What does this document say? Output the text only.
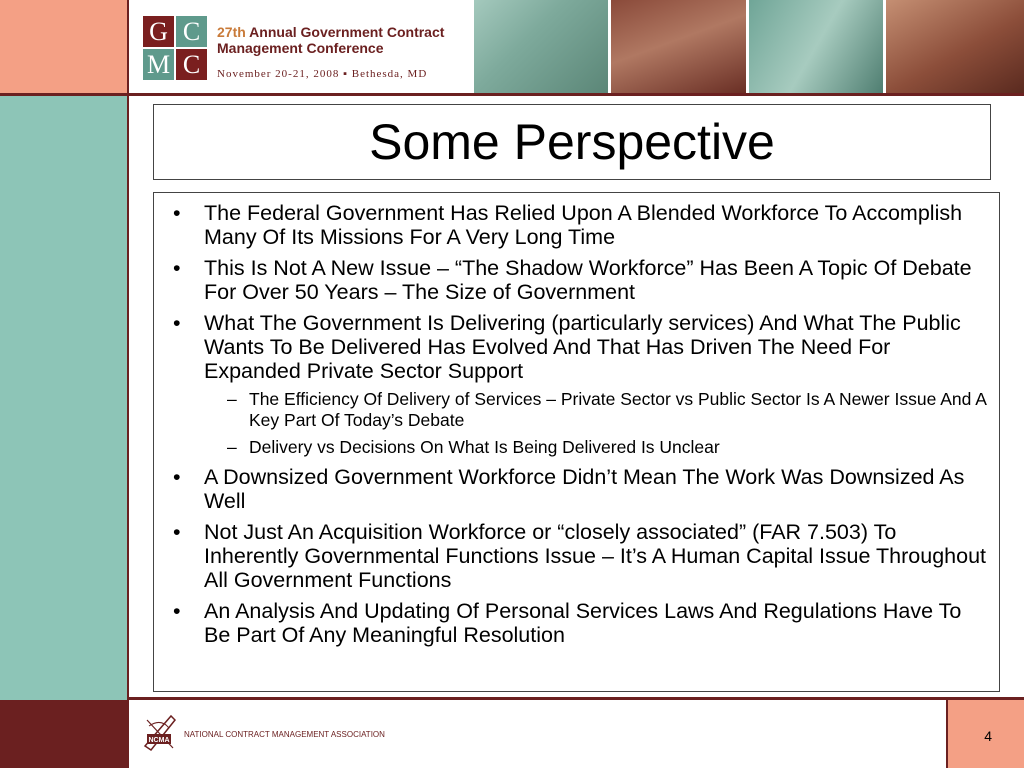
G C
M C
27th Annual Government Contract Management Conference
November 20-21, 2008 ▪ Bethesda, MD
Some Perspective
• The Federal Government Has Relied Upon A Blended Workforce To Accomplish Many Of Its Missions For A Very Long Time
• This Is Not A New Issue – “The Shadow Workforce” Has Been A Topic Of Debate For Over 50 Years – The Size of Government
• What The Government Is Delivering (particularly services) And What The Public Wants To Be Delivered Has Evolved And That Has Driven The Need For Expanded Private Sector Support
– The Efficiency Of Delivery of Services – Private Sector vs Public Sector Is A Newer Issue And A Key Part Of Today’s Debate
– Delivery vs Decisions On What Is Being Delivered Is Unclear
• A Downsized Government Workforce Didn’t Mean The Work Was Downsized As Well
• Not Just An Acquisition Workforce or “closely associated” (FAR 7.503) To Inherently Governmental Functions Issue – It’s A Human Capital Issue Throughout All Government Functions
• An Analysis And Updating Of Personal Services Laws And Regulations Have To Be Part Of Any Meaningful Resolution
NCMA
NATIONAL CONTRACT MANAGEMENT ASSOCIATION	4
